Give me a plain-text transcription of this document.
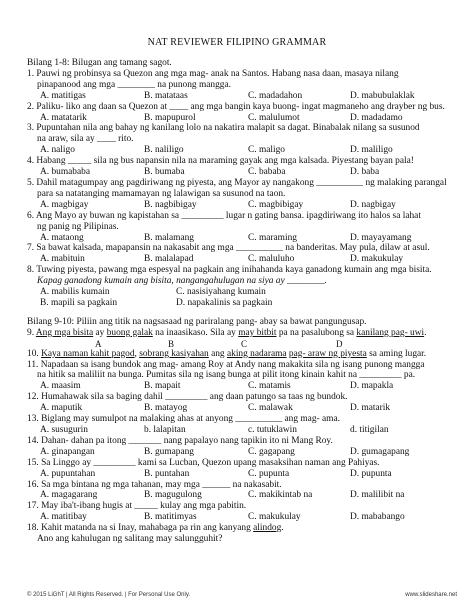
NAT REVIEWER FILIPINO GRAMMAR
Bilang 1-8: Bilugan ang tamang sagot.
1. Pauwi ng probinsya sa Quezon ang mga mag- anak na Santos. Habang nasa daan, masaya nilang
pinapanood ang mga ________ na punong mangga.
A. matitigas	B. matataas	C. madadahon	D. mabubulaklak
2. Paliku- liko ang daan sa Quezon at ____ ang mga bangin kaya buong- ingat magmaneho ang drayber ng bus.
A. matatarik	B. mapupurol	C. malulumot	D. madadamo
3. Pupuntahan nila ang bahay ng kanilang lolo na nakatira malapit sa dagat. Binabalak nilang sa susunod
na araw, sila ay ____ rito.
A. naligo	B. naliligo	C. maligo	D. maliligo
4. Habang _____ sila ng bus napansin nila na maraming gayak ang mga kalsada. Piyestang bayan pala!
A. bumababa	B. bumaba	C. bababa	D. baba
5. Dahil matagumpay ang pagdiriwang ng piyesta, ang Mayor ay nangakong __________ ng malaking parangal
para sa natatanging mamamayan ng lalawigan sa susunod na taon.
A. magbigay	B. nagbibigay	C. magbibigay	D. nagbigay
6. Ang Mayo ay buwan ng kapistahan sa _________ lugar n gating bansa. ipagdiriwang ito halos sa lahat
ng panig ng Pilipinas.
A. mataong	B. malamang	C. maraming	D. mayayamang
7. Sa bawat kalsada, mapapansin na nakasabit ang mga __________ na banderitas. May pula, dilaw at asul.
A. mabituin	B. malalapad	C. maluluho	D. makukulay
8. Tuwing piyesta, pawang mga espesyal na pagkain ang inihahanda kaya ganadong kumain ang mga bisita.
Kapag ganadong kumain ang bisita, nangangahulugan na siya ay ________.
A. mabilis kumain	C. nasisiyahang kumain
B. mapili sa pagkain	D. napakalinis sa pagkain
Bilang 9-10: Piliin ang titik na nagsasaad ng pariralang pang- abay sa bawat pangungusap.
9. Ang mga bisita ay buong galak na inaasikaso. Sila ay may bitbit pa na pasalubong sa kanilang pag- uwi.
A	B	C	D
10. Kaya naman kahit pagod, sobrang kasiyahan ang aking nadarama pag- araw ng piyesta sa aming lugar.
11. Napadaan sa isang bundok ang mag- amang Roy at Andy nang makakita sila ng isang punong mangga
na hitik sa maliliit na bunga. Pumitas sila ng isang bunga at pilit itong kinain kahit na _________ pa.
A. maasim	B. mapait	C. matamis	D. mapakla
12. Humahawak sila sa baging dahil _________ ang daan patungo sa taas ng bundok.
A. maputik	B. matayog	C. malawak	D. matarik
13. Biglang may sumulpot na malaking ahas at anyong __________ ang mag- ama.
A. susugurin	b. lalapitan	c. tutuklawin	d. titigilan
14. Dahan- dahan pa itong _______ nang papalayo nang tapikin ito ni Mang Roy.
A. ginapangan	B. gumapang	C. gagapang	D. gumagapang
15. Sa Linggo ay _________ kami sa Lucban, Quezon upang masaksihan naman ang Pahiyas.
A. pupuntahan	B. puntahan	C. pupunta	D. pupunta
16. Sa mga bintana ng mga tahanan, may mga ______ na nakasabit.
A. magagarang	B. magugulong	C. makikintab na	D. malilibit na
17. May iba't-ibang hugis at _____ kulay ang mga pabitin.
A. matitibay	B. matitimyas	C. makukulay	D. mababango
18. Kahit matanda na si Inay, mahabaga pa rin ang kanyang alindog.
Ano ang kahulugan ng salitang may salungguhit?
© 2015 LiGhT | All Rights Reserved. | For Personal Use Only.	www.slideshare.net
